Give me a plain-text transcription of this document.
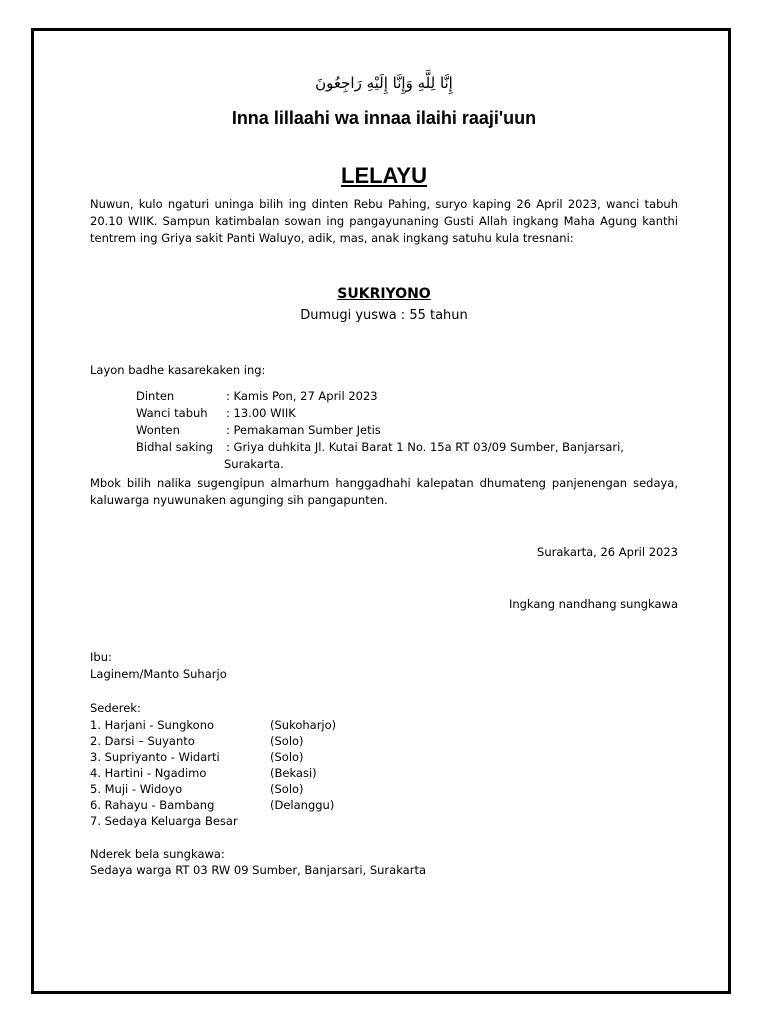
إِنَّا لِلَّهِ وَإِنَّا إِلَيْهِ رَاجِعُونَ
Inna lillaahi wa innaa ilaihi raaji'uun
LELAYU
Nuwun, kulo ngaturi uninga bilih ing dinten Rebu Pahing, suryo kaping 26 April 2023, wanci tabuh 20.10 WIIK. Sampun katimbalan sowan ing pangayunaning Gusti Allah ingkang Maha Agung kanthi tentrem ing Griya sakit Panti Waluyo, adik, mas, anak ingkang satuhu kula tresnani:
SUKRIYONO
Dumugi yuswa : 55 tahun
Layon badhe kasarekaken ing:
Dinten	: Kamis Pon, 27 April 2023
Wanci tabuh : 13.00 WIIK
Wonten	: Pemakaman Sumber Jetis
Bidhal saking : Griya duhkita Jl. Kutai Barat 1 No. 15a RT 03/09 Sumber, Banjarsari,
Surakarta.
Mbok bilih nalika sugengipun almarhum hanggadhahi kalepatan dhumateng panjenengan sedaya, kaluwarga nyuwunaken agunging sih pangapunten.
Surakarta, 26 April 2023
Ingkang nandhang sungkawa
Ibu:
Laginem/Manto Suharjo
Sederek:
1. Harjani - Sungkono	(Sukoharjo)
2. Darsi – Suyanto	(Solo)
3. Supriyanto - Widarti	(Solo)
4. Hartini - Ngadimo	(Bekasi)
5. Muji - Widoyo	(Solo)
6. Rahayu - Bambang	(Delanggu)
7. Sedaya Keluarga Besar
Nderek bela sungkawa:
Sedaya warga RT 03 RW 09 Sumber, Banjarsari, Surakarta
